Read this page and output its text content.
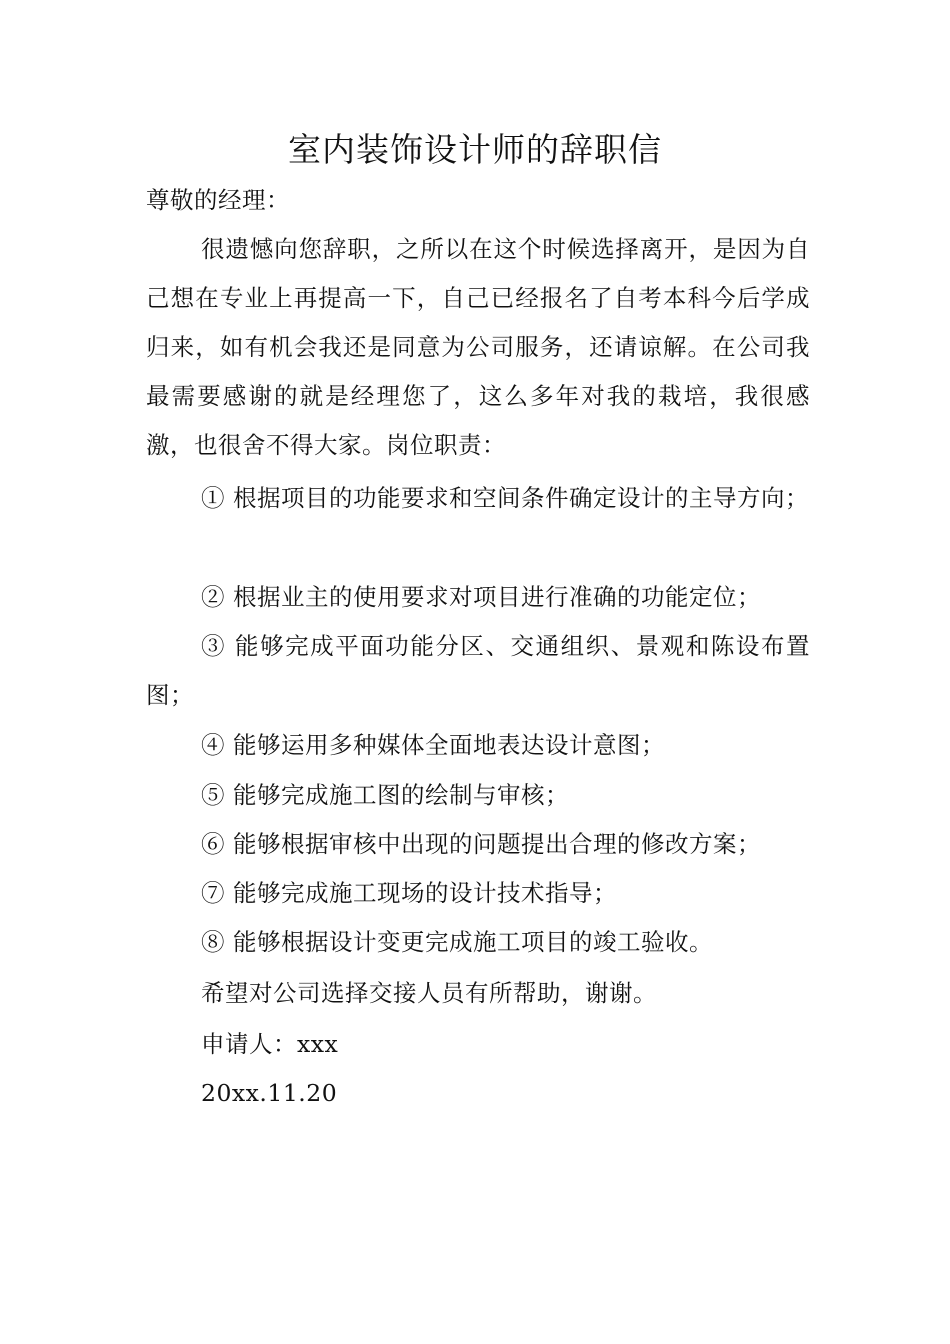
室内装饰设计师的辞职信

尊敬的经理：

很遗憾向您辞职，之所以在这个时候选择离开，是因为自己想在专业上再提高一下，自己已经报名了自考本科今后学成归来，如有机会我还是同意为公司服务，还请谅解。在公司我最需要感谢的就是经理您了，这么多年对我的栽培，我很感激，也很舍不得大家。岗位职责：

① 根据项目的功能要求和空间条件确定设计的主导方向；

② 根据业主的使用要求对项目进行准确的功能定位；

③ 能够完成平面功能分区、交通组织、景观和陈设布置图；

④ 能够运用多种媒体全面地表达设计意图；

⑤ 能够完成施工图的绘制与审核；

⑥ 能够根据审核中出现的问题提出合理的修改方案；

⑦ 能够完成施工现场的设计技术指导；

⑧ 能够根据设计变更完成施工项目的竣工验收。

希望对公司选择交接人员有所帮助，谢谢。

申请人：xxx

20xx.11.20
